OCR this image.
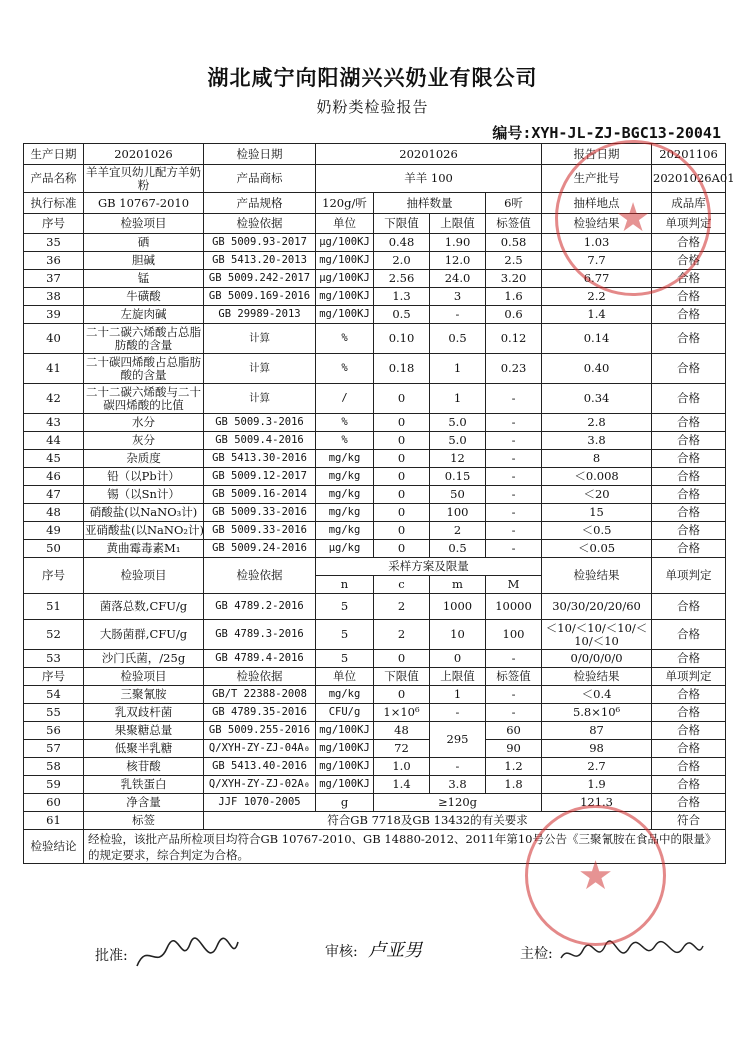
湖北咸宁向阳湖兴兴奶业有限公司
奶粉类检验报告
编号:XYH-JL-ZJ-BGC13-20041
生产日期	20201026	检验日期	20201026				报告日期	20201106
产品名称	羊羊宜贝幼儿配方羊奶粉	产品商标	羊羊 100				生产批号	20201026A01
执行标准	GB 10767-2010	产品规格	120g/听	抽样数量		6听	抽样地点	成品库
序号	检验项目	检验依据	单位	下限值	上限值	标签值	检验结果	单项判定
35	硒	GB 5009.93-2017	μg/100KJ	0.48	1.90	0.58	1.03	合格
36	胆碱	GB 5413.20-2013	mg/100KJ	2.0	12.0	2.5	7.7	合格
37	锰	GB 5009.242-2017	μg/100KJ	2.56	24.0	3.20	6.77	合格
38	牛磺酸	GB 5009.169-2016	mg/100KJ	1.3	3	1.6	2.2	合格
39	左旋肉碱	GB 29989-2013	mg/100KJ	0.5	-	0.6	1.4	合格
40	二十二碳六烯酸占总脂肪酸的含量	计算	%	0.10	0.5	0.12	0.14	合格
41	二十碳四烯酸占总脂肪酸的含量	计算	%	0.18	1	0.23	0.40	合格
42	二十二碳六烯酸与二十碳四烯酸的比值	计算	/	0	1	-	0.34	合格
43	水分	GB 5009.3-2016	%	0	5.0	-	2.8	合格
44	灰分	GB 5009.4-2016	%	0	5.0	-	3.8	合格
45	杂质度	GB 5413.30-2016	mg/kg	0	12	-	8	合格
46	铅（以Pb计）	GB 5009.12-2017	mg/kg	0	0.15	-	＜0.008	合格
47	锡（以Sn计）	GB 5009.16-2014	mg/kg	0	50	-	＜20	合格
48	硝酸盐(以NaNO₃计)	GB 5009.33-2016	mg/kg	0	100	-	15	合格
49	亚硝酸盐(以NaNO₂计)	GB 5009.33-2016	mg/kg	0	2	-	＜0.5	合格
50	黄曲霉毒素M₁	GB 5009.24-2016	μg/kg	0	0.5	-	＜0.05	合格
序号	检验项目	检验依据	采样方案及限量				检验结果	单项判定
			n	c	m	M		
51	菌落总数,CFU/g	GB 4789.2-2016	5	2	1000	10000	30/30/20/20/60	合格
52	大肠菌群,CFU/g	GB 4789.3-2016	5	2	10	100	＜10/＜10/＜10/＜10/＜10	合格
53	沙门氏菌，/25g	GB 4789.4-2016	5	0	0	-	0/0/0/0/0	合格
序号	检验项目	检验依据	单位	下限值	上限值	标签值	检验结果	单项判定
54	三聚氰胺	GB/T 22388-2008	mg/kg	0	1	-	＜0.4	合格
55	乳双歧杆菌	GB 4789.35-2016	CFU/g	1×10⁶	-	-	5.8×10⁶	合格
56	果聚糖总量	GB 5009.255-2016	mg/100KJ	48	295	60	87	合格
57	低聚半乳糖	Q/XYH-ZY-ZJ-04A₀	mg/100KJ	72		90	98	合格
58	核苷酸	GB 5413.40-2016	mg/100KJ	1.0	-	1.2	2.7	合格
59	乳铁蛋白	Q/XYH-ZY-ZJ-02A₀	mg/100KJ	1.4	3.8	1.8	1.9	合格
60	净含量	JJF 1070-2005	g	≥120g			121.3	合格
61	标签	符合GB 7718及GB 13432的有关要求						符合
检验结论	经检验，该批产品所检项目均符合GB 10767-2010、GB 14880-2012、2011年第10号公告《三聚氰胺在食品中的限量》的规定要求，综合判定为合格。							
批准:	审核: 卢亚男	主检:
★
★
